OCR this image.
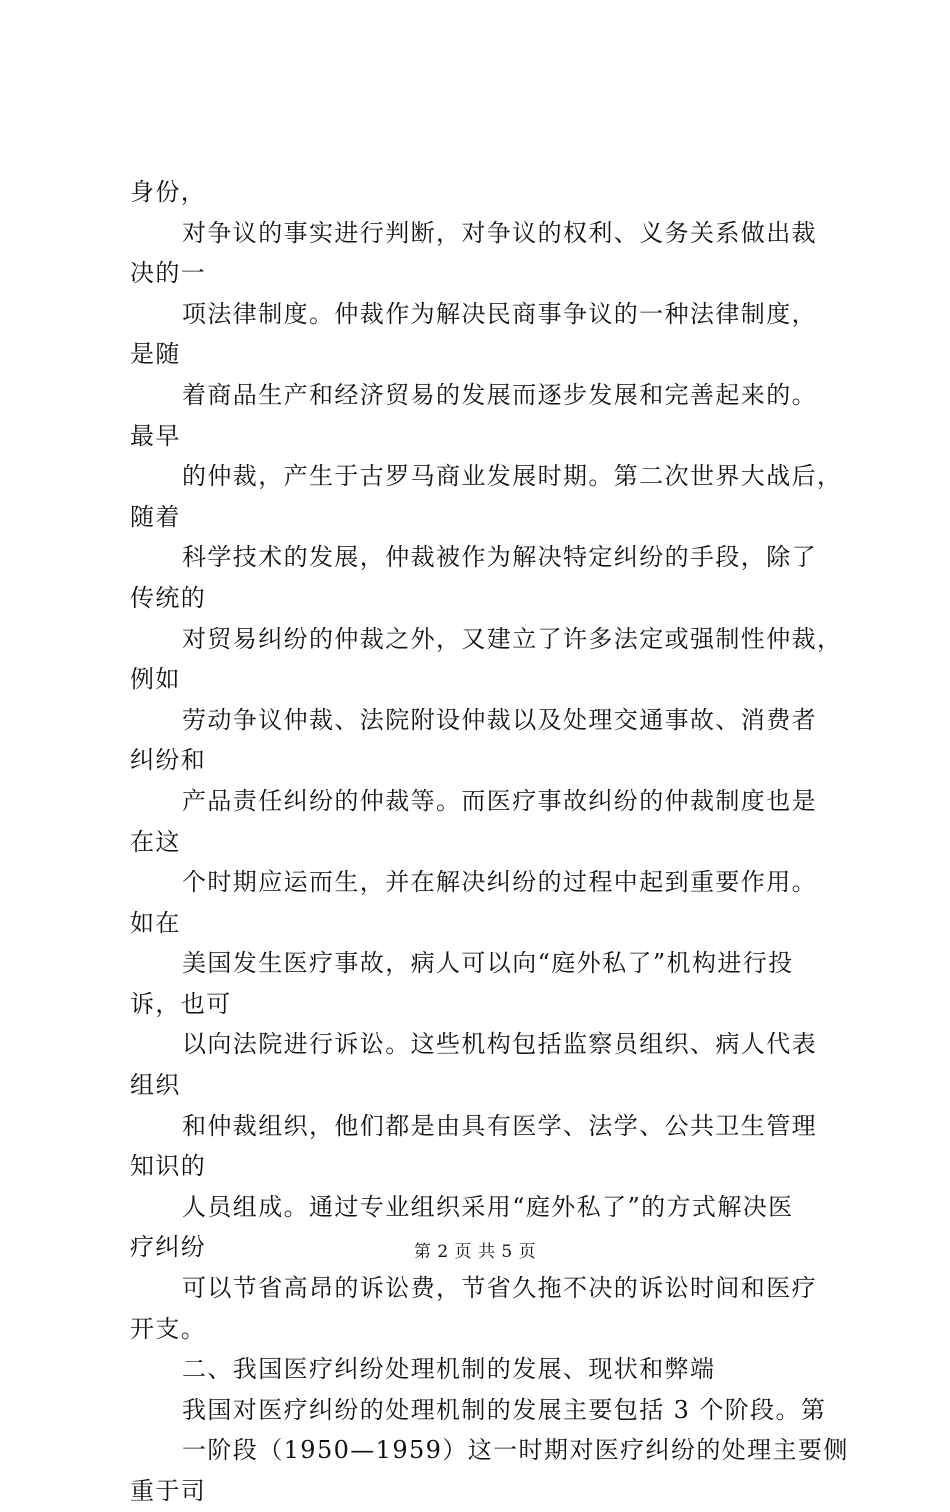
身份，
对争议的事实进行判断，对争议的权利、义务关系做出裁
决的一
项法律制度。仲裁作为解决民商事争议的一种法律制度，
是随
着商品生产和经济贸易的发展而逐步发展和完善起来的。
最早
的仲裁，产生于古罗马商业发展时期。第二次世界大战后，
随着
科学技术的发展，仲裁被作为解决特定纠纷的手段，除了
传统的
对贸易纠纷的仲裁之外，又建立了许多法定或强制性仲裁，
例如
劳动争议仲裁、法院附设仲裁以及处理交通事故、消费者
纠纷和
产品责任纠纷的仲裁等。而医疗事故纠纷的仲裁制度也是
在这
个时期应运而生，并在解决纠纷的过程中起到重要作用。
如在
美国发生医疗事故，病人可以向“庭外私了”机构进行投
诉，也可
以向法院进行诉讼。这些机构包括监察员组织、病人代表
组织
和仲裁组织，他们都是由具有医学、法学、公共卫生管理
知识的
人员组成。通过专业组织采用“庭外私了”的方式解决医
疗纠纷
可以节省高昂的诉讼费，节省久拖不决的诉讼时间和医疗
开支。
二、我国医疗纠纷处理机制的发展、现状和弊端
我国对医疗纠纷的处理机制的发展主要包括 3 个阶段。第
一阶段（1950—1959）这一时期对医疗纠纷的处理主要侧
重于司
第 2 页 共 5 页
